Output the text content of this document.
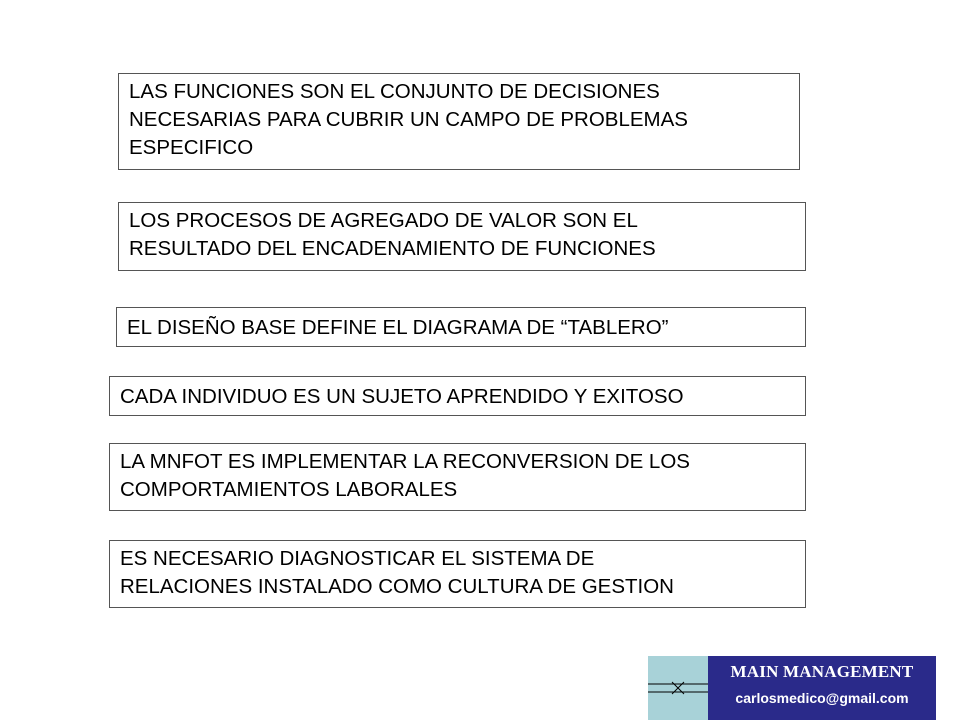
LAS FUNCIONES SON EL CONJUNTO DE DECISIONES
NECESARIAS PARA CUBRIR UN CAMPO DE PROBLEMAS
ESPECIFICO
LOS PROCESOS DE AGREGADO DE VALOR SON EL
RESULTADO DEL ENCADENAMIENTO DE FUNCIONES
EL DISEÑO BASE DEFINE EL DIAGRAMA DE “TABLERO”
CADA INDIVIDUO ES UN SUJETO APRENDIDO Y EXITOSO
LA MNFOT ES IMPLEMENTAR LA RECONVERSION DE LOS
COMPORTAMIENTOS LABORALES
ES NECESARIO DIAGNOSTICAR EL SISTEMA DE
RELACIONES INSTALADO COMO CULTURA DE GESTION
MAIN MANAGEMENT
carlosmedico@gmail.com
